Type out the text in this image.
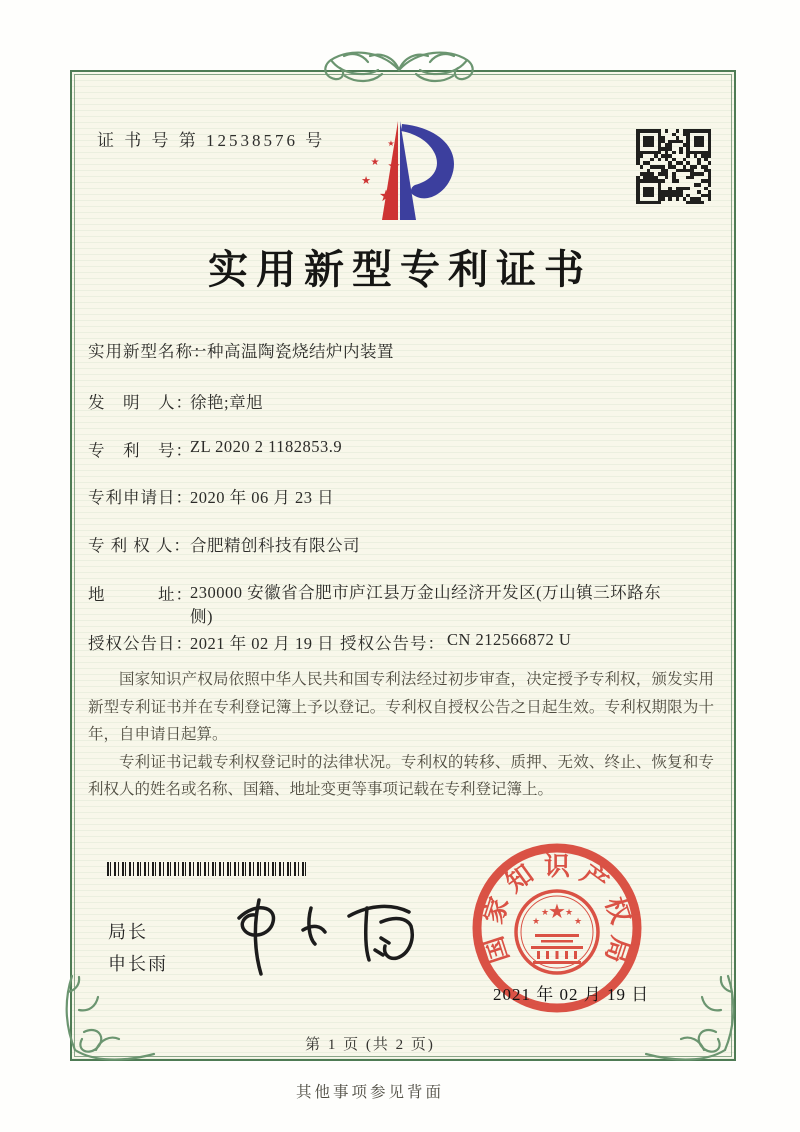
证 书 号 第 12538576 号
★
★
★
★
★
实用新型专利证书
实用新型名称：
一种高温陶瓷烧结炉内装置
发　明　人：
徐艳;章旭
专　利　号：
ZL 2020 2 1182853.9
专利申请日：
2020 年 06 月 23 日
专 利 权 人： 合肥精创科技有限公司
地　　　址：
230000 安徽省合肥市庐江县万金山经济开发区(万山镇三环路东侧)
授权公告日：
2021 年 02 月 19 日 授权公告号： CN 212566872 U

国家知识产权局依照中华人民共和国专利法经过初步审查，决定授予专利权，颁发实用新型专利证书并在专利登记簿上予以登记。专利权自授权公告之日起生效。专利权期限为十年，自申请日起算。

专利证书记载专利权登记时的法律状况。专利权的转移、质押、无效、终止、恢复和专利权人的姓名或名称、国籍、地址变更等事项记载在专利登记簿上。

局长
申长雨	国
家
知 识 产
权
局
★
★
★ ★
★
2021 年 02 月 19 日
第 1 页 (共 2 页)
其他事项参见背面
